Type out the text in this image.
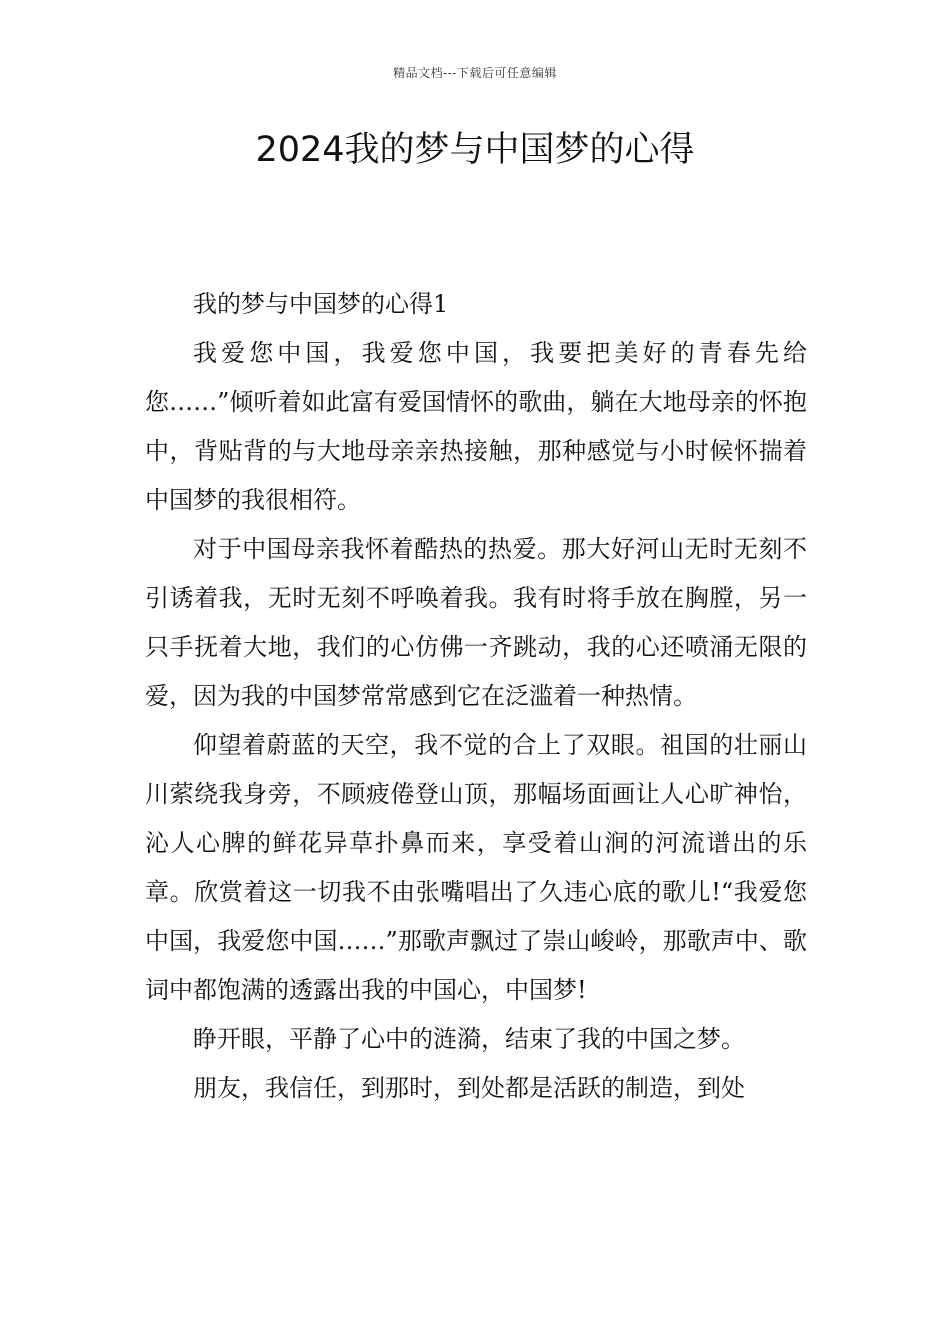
精品文档---下载后可任意编辑
2024我的梦与中国梦的心得

我的梦与中国梦的心得1

我爱您中国，我爱您中国，我要把美好的青春先给您……”倾听着如此富有爱国情怀的歌曲，躺在大地母亲的怀抱中，背贴背的与大地母亲亲热接触，那种感觉与小时候怀揣着中国梦的我很相符。

对于中国母亲我怀着酷热的热爱。那大好河山无时无刻不引诱着我，无时无刻不呼唤着我。我有时将手放在胸膛，另一只手抚着大地，我们的心仿佛一齐跳动，我的心还喷涌无限的爱，因为我的中国梦常常感到它在泛滥着一种热情。

仰望着蔚蓝的天空，我不觉的合上了双眼。祖国的壮丽山川萦绕我身旁，不顾疲倦登山顶，那幅场面画让人心旷神怡，沁人心脾的鲜花异草扑鼻而来，享受着山涧的河流谱出的乐章。欣赏着这一切我不由张嘴唱出了久违心底的歌儿!“我爱您中国，我爱您中国……”那歌声飘过了崇山峻岭，那歌声中、歌词中都饱满的透露出我的中国心，中国梦!

睁开眼，平静了心中的涟漪，结束了我的中国之梦。

朋友，我信任，到那时，到处都是活跃的制造，到处
